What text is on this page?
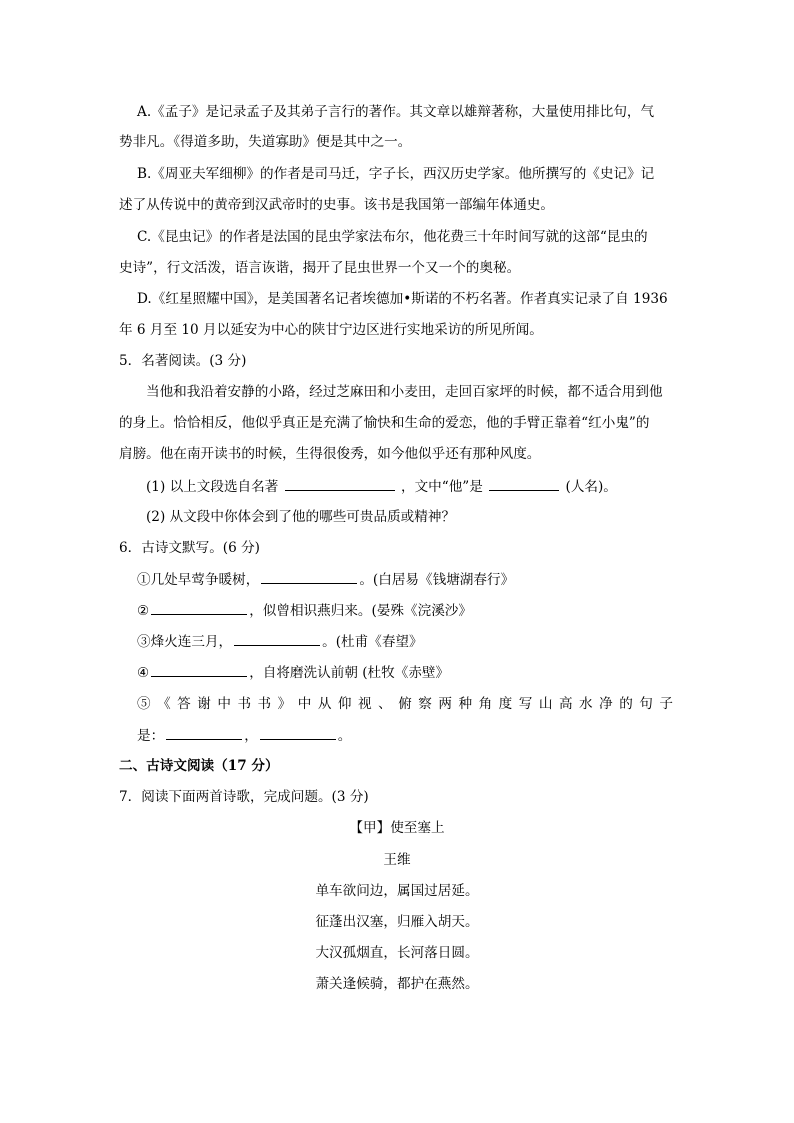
A.《孟子》是记录孟子及其弟子言行的著作。其文章以雄辩著称，大量使用排比句，气
势非凡。《得道多助，失道寡助》便是其中之一。
B.《周亚夫军细柳》的作者是司马迁，字子长，西汉历史学家。他所撰写的《史记》记
述了从传说中的黄帝到汉武帝时的史事。该书是我国第一部编年体通史。
C.《昆虫记》的作者是法国的昆虫学家法布尔，他花费三十年时间写就的这部“昆虫的
史诗”，行文活泼，语言诙谐，揭开了昆虫世界一个又一个的奥秘。
D.《红星照耀中国》，是美国著名记者埃德加•斯诺的不朽名著。作者真实记录了自 1936
年 6 月至 10 月以延安为中心的陕甘宁边区进行实地采访的所见所闻。
5．名著阅读。(3 分)
当他和我沿着安静的小路，经过芝麻田和小麦田，走回百家坪的时候，都不适合用到他
的身上。恰恰相反，他似乎真正是充满了愉快和生命的爱恋，他的手臂正靠着“红小鬼”的
肩膀。他在南开读书的时候，生得很俊秀，如今他似乎还有那种风度。
(1) 以上文段选自名著	，文中“他”是	(人名)。
(2) 从文段中你体会到了他的哪些可贵品质或精神？
6．古诗文默写。(6 分)
①几处早莺争暖树，	。(白居易《钱塘湖春行》
②	，似曾相识燕归来。(晏殊《浣溪沙》
③烽火连三月，	。(杜甫《春望》
④	，自将磨洗认前朝 (杜牧《赤壁》
⑤《答谢中书书》中从仰视、俯察两种角度写山高水净的句子
是：	，	。
二、古诗文阅读（17 分）
7．阅读下面两首诗歌，完成问题。(3 分)
【甲】使至塞上
王维
单车欲问边，属国过居延。
征蓬出汉塞，归雁入胡天。
大汉孤烟直，长河落日圆。
萧关逢候骑，都护在燕然。
